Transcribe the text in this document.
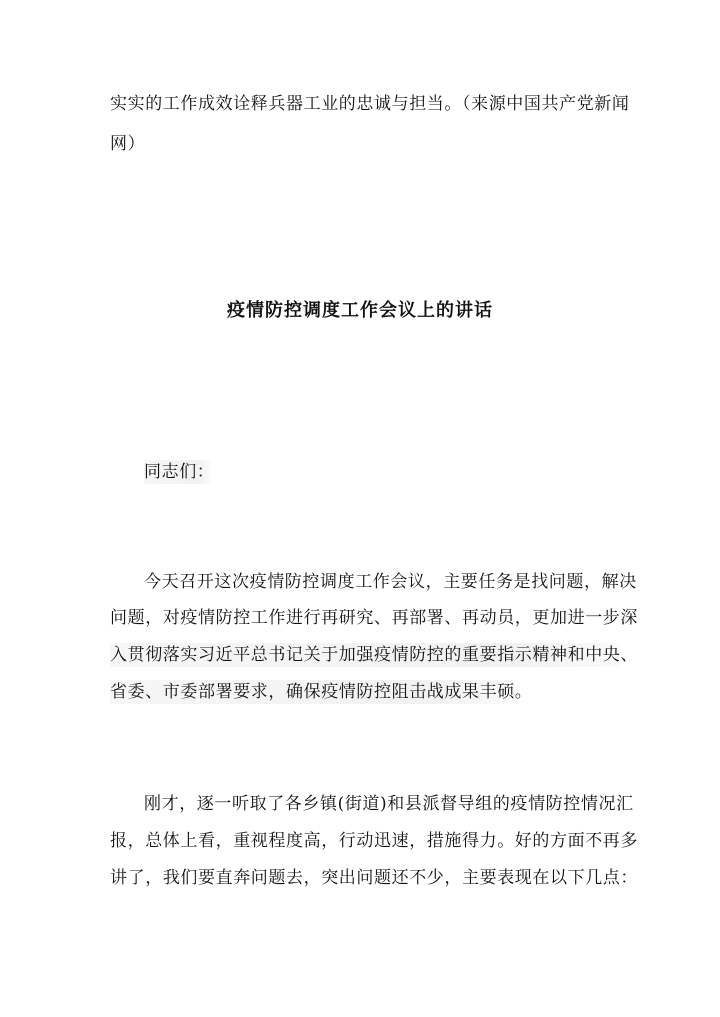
实实的工作成效诠释兵器工业的忠诚与担当。（来源中国共产党新闻
网）
疫情防控调度工作会议上的讲话
同志们：
今天召开这次疫情防控调度工作会议，主要任务是找问题，解决
问题，对疫情防控工作进行再研究、再部署、再动员，更加进一步深
入贯彻落实习近平总书记关于加强疫情防控的重要指示精神和中央、
省委、市委部署要求，确保疫情防控阻击战成果丰硕。
刚才，逐一听取了各乡镇(街道)和县派督导组的疫情防控情况汇
报，总体上看，重视程度高，行动迅速，措施得力。好的方面不再多
讲了，我们要直奔问题去，突出问题还不少，主要表现在以下几点：
